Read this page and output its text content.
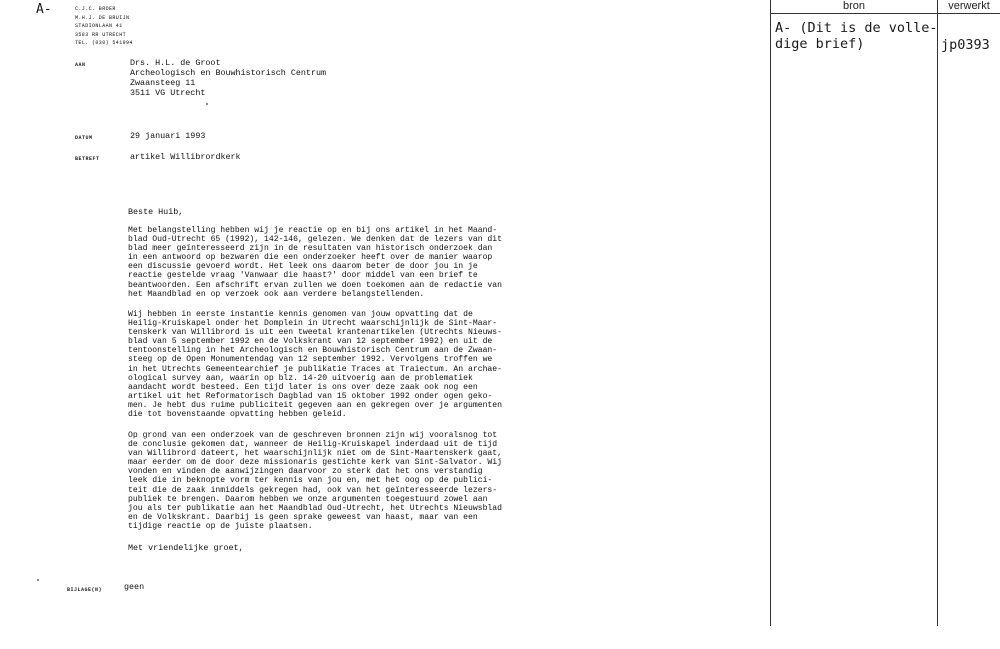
A-	C.J.C. BROER
M.H.J. DE BRUIJN
STADIONLAAN 41
3583 RR UTRECHT
TEL. (030) 541994
AAN	Drs. H.L. de Groot
Archeologisch en Bouwhistorisch Centrum
Zwaansteeg 11
3511 VG Utrecht
DATUM	29 januari 1993
BETREFT	artikel Willibrordkerk
Beste Huib,
Met belangstelling hebben wij je reactie op en bij ons artikel in het Maand-
blad Oud-Utrecht 65 (1992), 142-146, gelezen. We denken dat de lezers van dit
blad meer geïnteresseerd zijn in de resultaten van historisch onderzoek dan
in een antwoord op bezwaren die een onderzoeker heeft over de manier waarop
een discussie gevoerd wordt. Het leek ons daarom beter de door jou in je
reactie gestelde vraag 'Vanwaar die haast?' door middel van een brief te
beantwoorden. Een afschrift ervan zullen we doen toekomen aan de redactie van
het Maandblad en op verzoek ook aan verdere belangstellenden.
Wij hebben in eerste instantie kennis genomen van jouw opvatting dat de
Heilig-Kruiskapel onder het Domplein in Utrecht waarschijnlijk de Sint-Maar-
tenskerk van Willibrord is uit een tweetal krantenartikelen (Utrechts Nieuws-
blad van 5 september 1992 en de Volkskrant van 12 september 1992) en uit de
tentoonstelling in het Archeologisch en Bouwhistorisch Centrum aan de Zwaan-
steeg op de Open Monumentendag van 12 september 1992. Vervolgens troffen we
in het Utrechts Gemeentearchief je publikatie Traces at Traiectum. An archae-
ological survey aan, waarin op blz. 14-20 uitvoerig aan de problematiek
aandacht wordt besteed. Een tijd later is ons over deze zaak ook nog een
artikel uit het Reformatorisch Dagblad van 15 oktober 1992 onder ogen geko-
men. Je hebt dus ruime publiciteit gegeven aan en gekregen over je argumenten
die tot bovenstaande opvatting hebben geleid.
Op grond van een onderzoek van de geschreven bronnen zijn wij vooralsnog tot
de conclusie gekomen dat, wanneer de Heilig-Kruiskapel inderdaad uit de tijd
van Willibrord dateert, het waarschijnlijk niet om de Sint-Maartenskerk gaat,
maar eerder om de door deze missionaris gestichte kerk van Sint-Salvator. Wij
vonden en vinden de aanwijzingen daarvoor zo sterk dat het ons verstandig
leek die in beknopte vorm ter kennis van jou en, met het oog op de publici-
teit die de zaak inmiddels gekregen had, ook van het geïnteresseerde lezers-
publiek te brengen. Daarom hebben we onze argumenten toegestuurd zowel aan
jou als ter publikatie aan het Maandblad Oud-Utrecht, het Utrechts Nieuwsblad
en de Volkskrant. Daarbij is geen sprake geweest van haast, maar van een
tijdige reactie op de juiste plaatsen.
Met vriendelijke groet,
BIJLAGE(N)	geen
bron	verwerkt
A- (Dit is de volle-
dige brief)	jp0393
